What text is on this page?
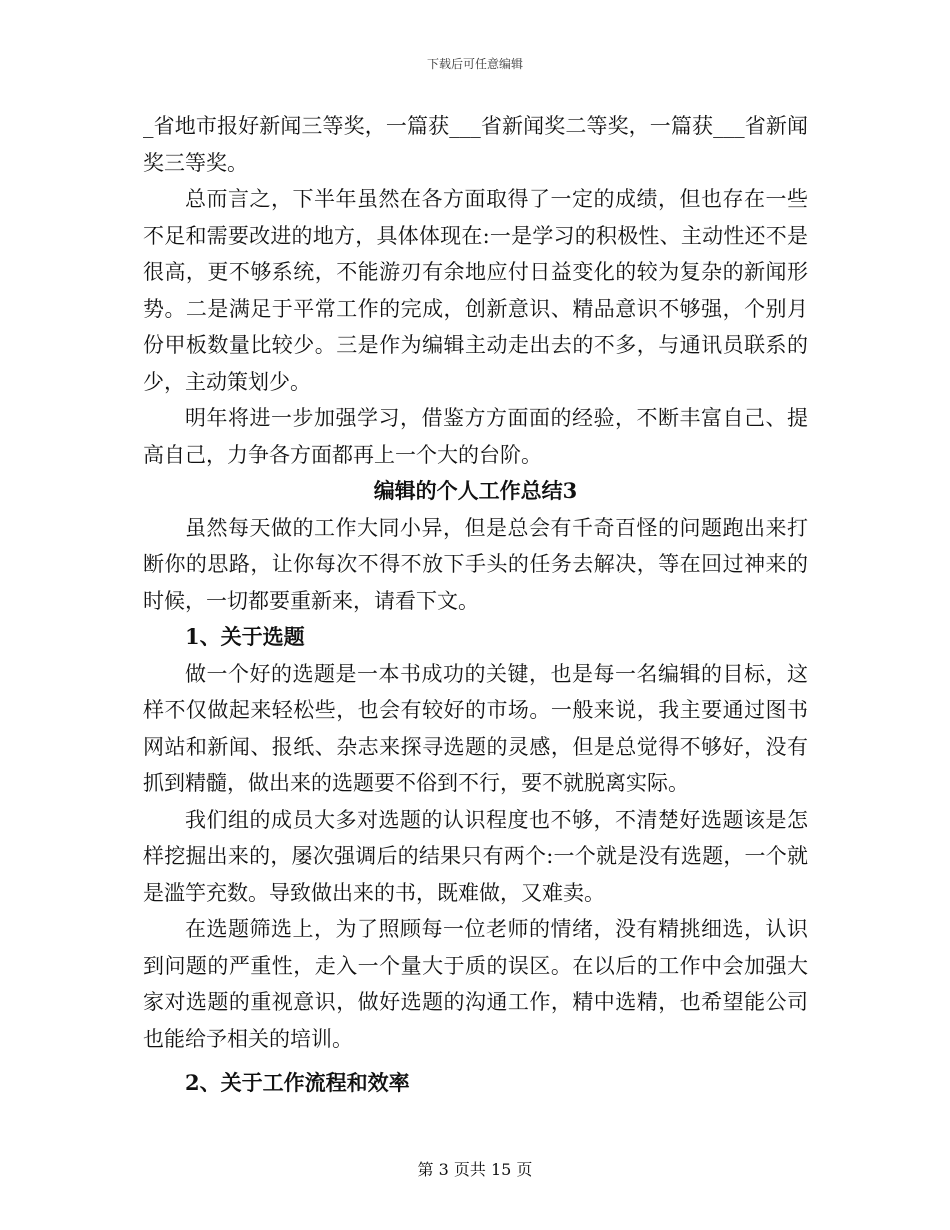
下载后可任意编辑

_省地市报好新闻三等奖，一篇获___省新闻奖二等奖，一篇获___省新闻奖三等奖。

总而言之，下半年虽然在各方面取得了一定的成绩，但也存在一些不足和需要改进的地方，具体体现在:一是学习的积极性、主动性还不是很高，更不够系统，不能游刃有余地应付日益变化的较为复杂的新闻形势。二是满足于平常工作的完成，创新意识、精品意识不够强，个别月份甲板数量比较少。三是作为编辑主动走出去的不多，与通讯员联系的少，主动策划少。

明年将进一步加强学习，借鉴方方面面的经验，不断丰富自己、提高自己，力争各方面都再上一个大的台阶。

编辑的个人工作总结3

虽然每天做的工作大同小异，但是总会有千奇百怪的问题跑出来打断你的思路，让你每次不得不放下手头的任务去解决，等在回过神来的时候，一切都要重新来，请看下文。

1、关于选题

做一个好的选题是一本书成功的关键，也是每一名编辑的目标，这样不仅做起来轻松些，也会有较好的市场。一般来说，我主要通过图书网站和新闻、报纸、杂志来探寻选题的灵感，但是总觉得不够好，没有抓到精髓，做出来的选题要不俗到不行，要不就脱离实际。

我们组的成员大多对选题的认识程度也不够，不清楚好选题该是怎样挖掘出来的，屡次强调后的结果只有两个:一个就是没有选题，一个就是滥竽充数。导致做出来的书，既难做，又难卖。

在选题筛选上，为了照顾每一位老师的情绪，没有精挑细选，认识到问题的严重性，走入一个量大于质的误区。在以后的工作中会加强大家对选题的重视意识，做好选题的沟通工作，精中选精，也希望能公司也能给予相关的培训。

2、关于工作流程和效率

第 3 页共 15 页
